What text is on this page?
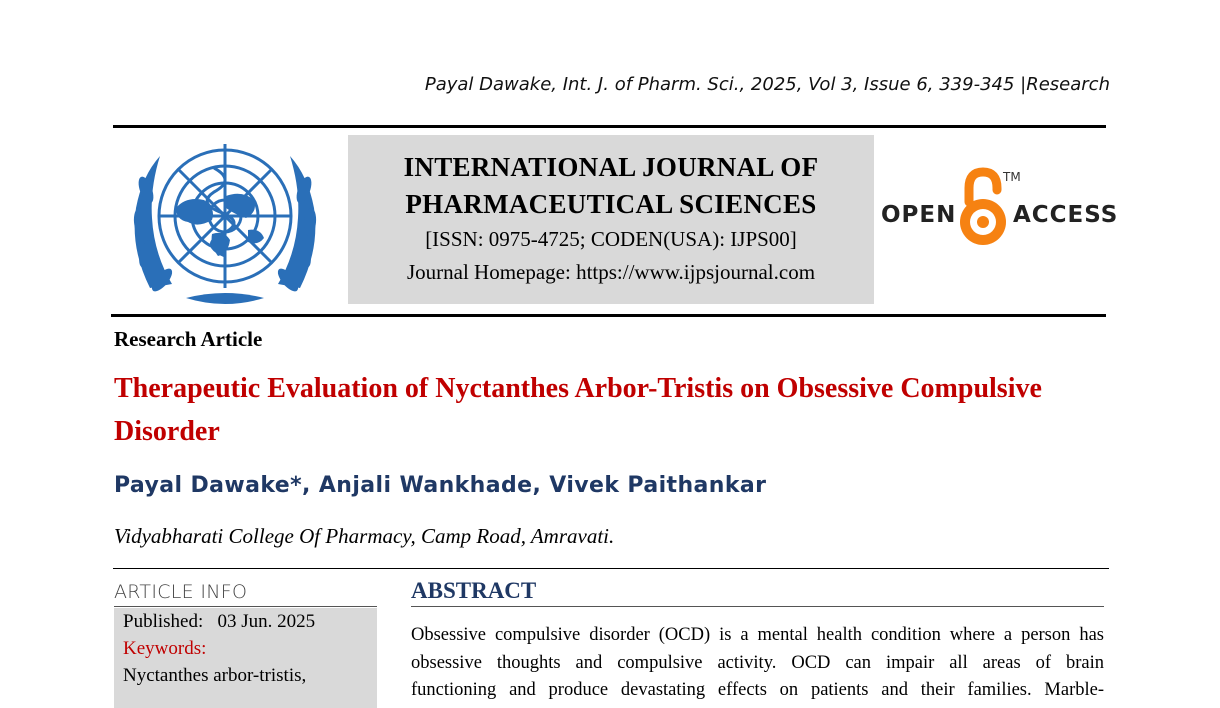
Payal Dawake, Int. J. of Pharm. Sci., 2025, Vol 3, Issue 6, 339-345 |Research
INTERNATIONAL JOURNAL OF
PHARMACEUTICAL SCIENCES
[ISSN: 0975-4725; CODEN(USA): IJPS00]
Journal Homepage: https://www.ijpsjournal.com
OPEN
TM
ACCESS
Research Article
Therapeutic Evaluation of Nyctanthes Arbor-Tristis on Obsessive Compulsive Disorder
Payal Dawake*, Anjali Wankhade, Vivek Paithankar
Vidyabharati College Of Pharmacy, Camp Road, Amravati.
ARTICLE INFO
Published: 03 Jun. 2025
Keywords:
Nyctanthes arbor-tristis,
ABSTRACT
Obsessive compulsive disorder (OCD) is a mental health condition where a person has
obsessive thoughts and compulsive activity. OCD can impair all areas of brain
functioning and produce devastating effects on patients and their families. Marble-
